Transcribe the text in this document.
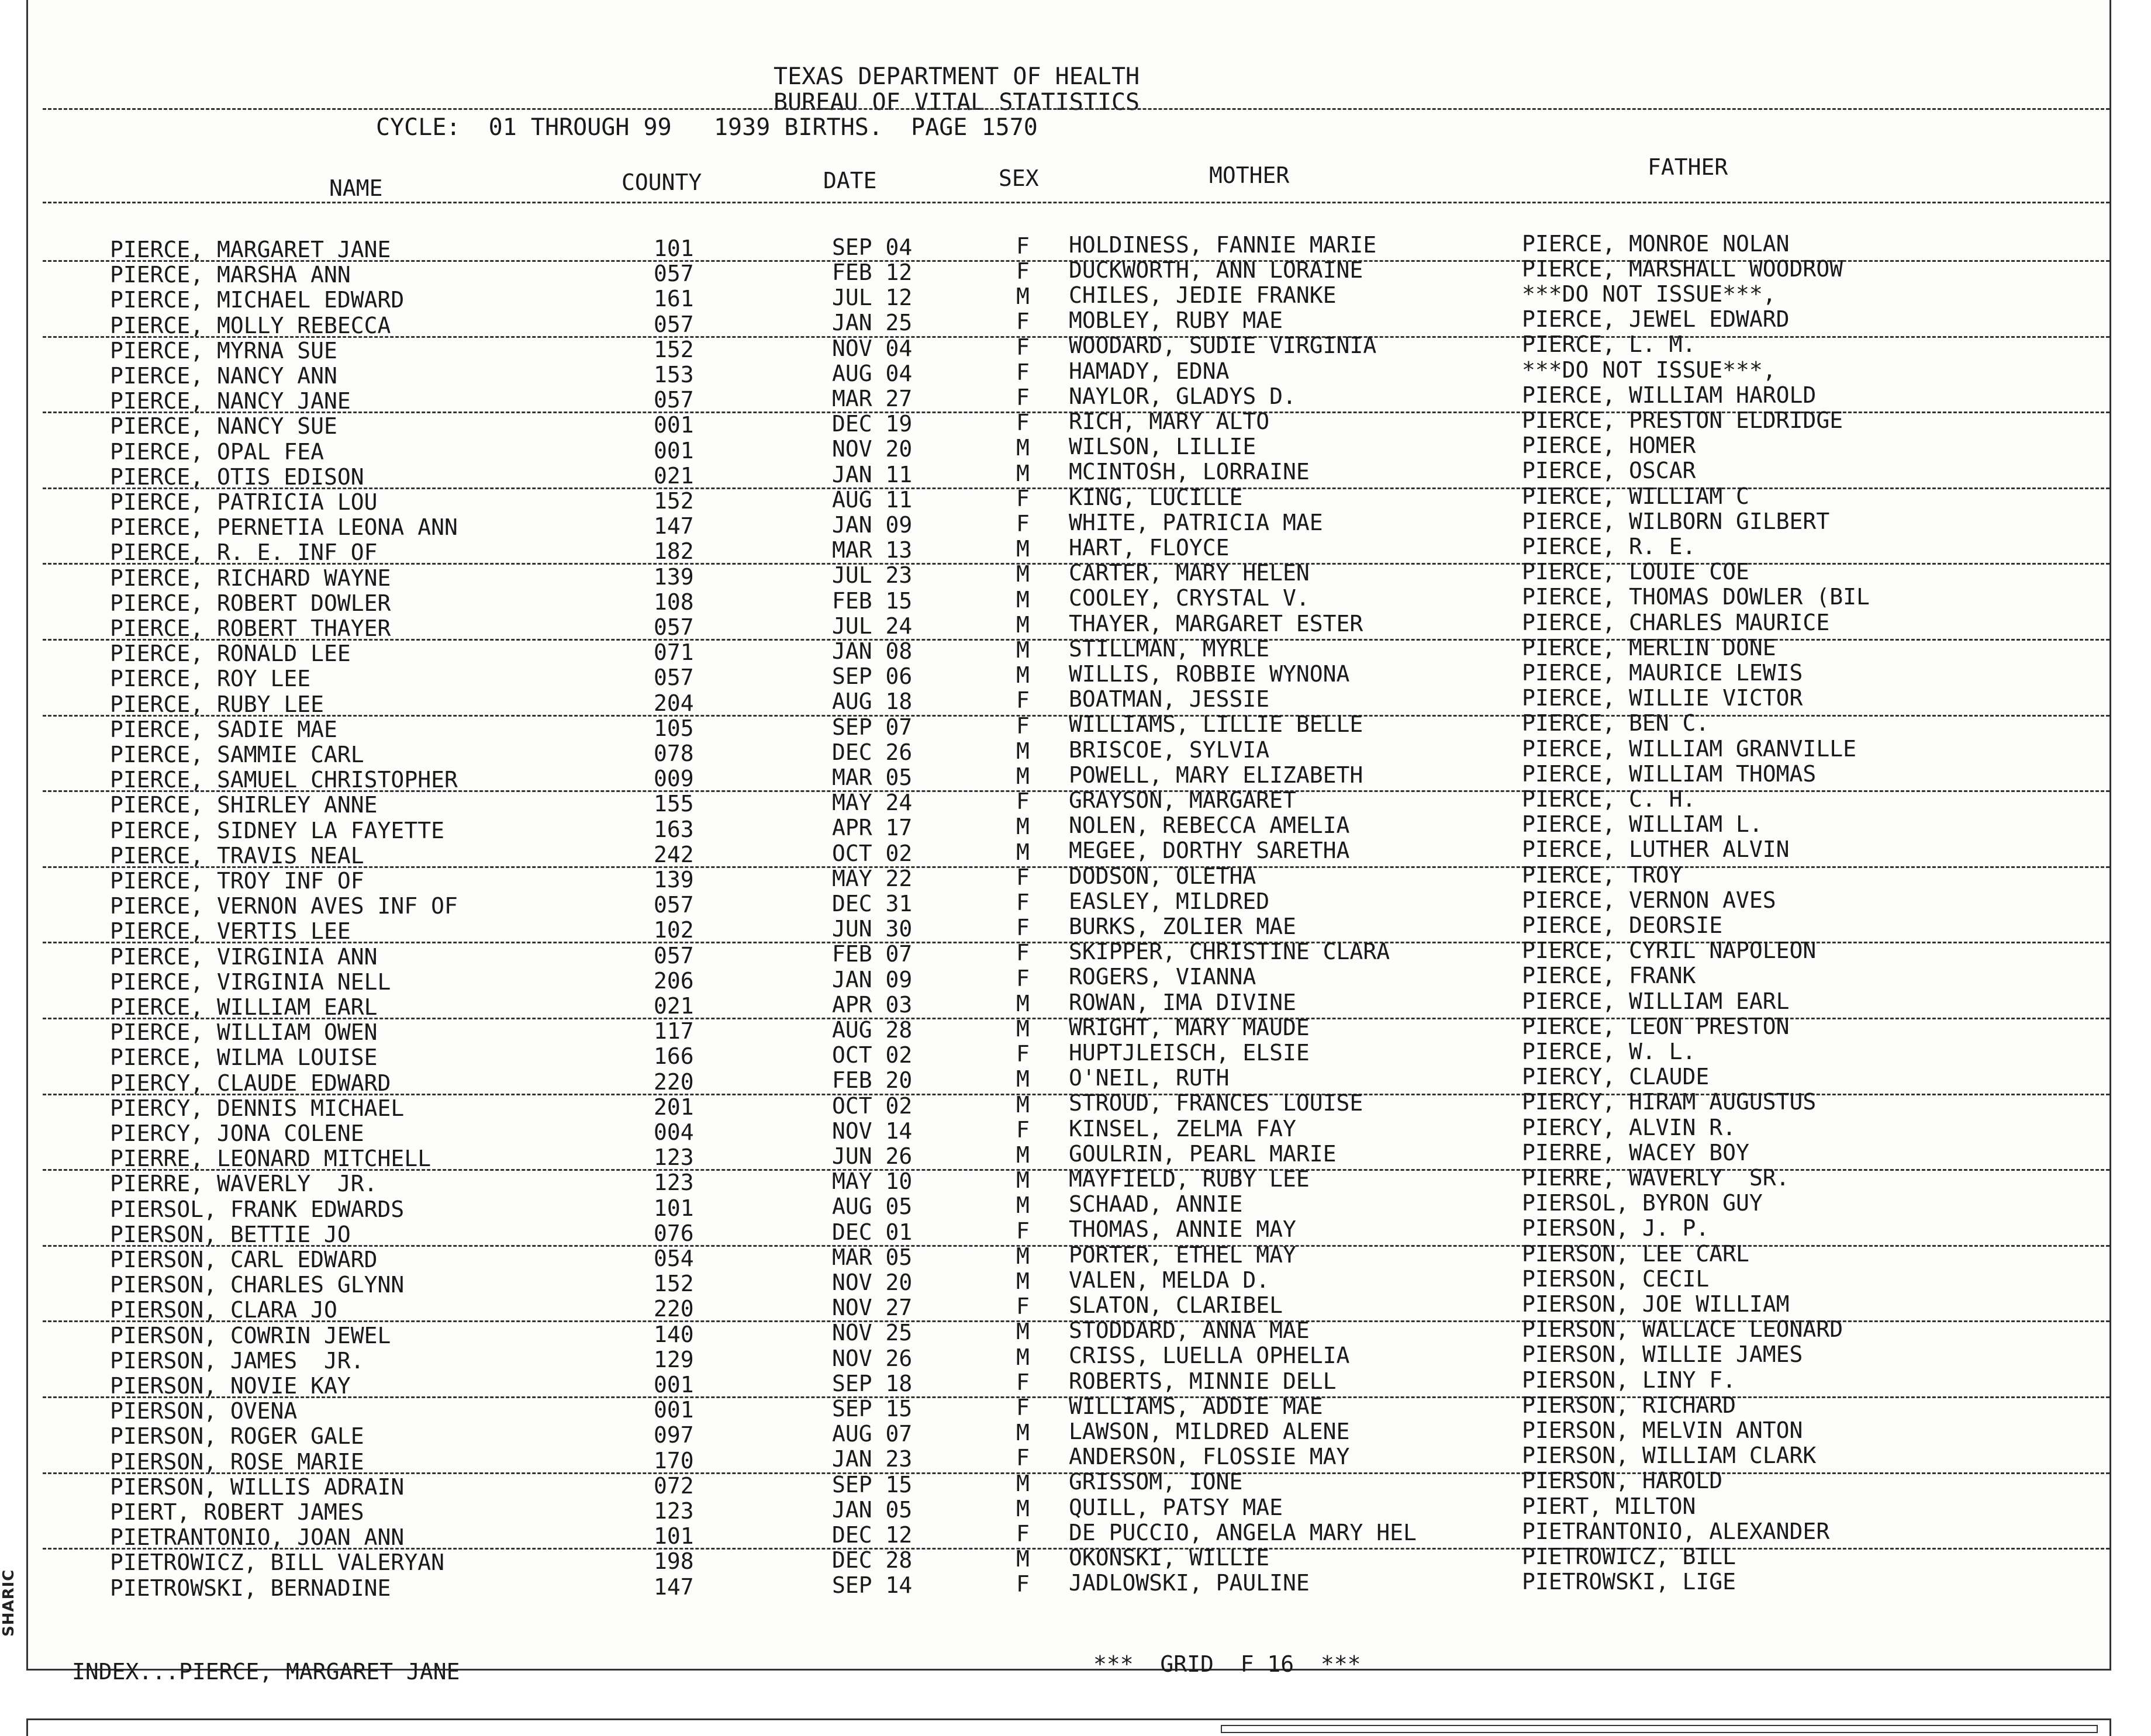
TEXAS DEPARTMENT OF HEALTH
BUREAU OF VITAL STATISTICS
CYCLE:  01 THROUGH 99   1939 BIRTHS.  PAGE 1570
NAME	COUNTY	DATE	SEX	MOTHER	FATHER
PIERCE, MARGARET JANE	101	SEP 04	F HOLDINESS, FANNIE MARIE	PIERCE, MONROE NOLAN
PIERCE, MARSHA ANN	057	FEB 12	F DUCKWORTH, ANN LORAINE	PIERCE, MARSHALL WOODROW
PIERCE, MICHAEL EDWARD	161	JUL 12	M CHILES, JEDIE FRANKE	***DO NOT ISSUE***,
PIERCE, MOLLY REBECCA	057	JAN 25	F MOBLEY, RUBY MAE	PIERCE, JEWEL EDWARD
PIERCE, MYRNA SUE	152	NOV 04	F WOODARD, SUDIE VIRGINIA	PIERCE, L. M.
PIERCE, NANCY ANN	153	AUG 04	F HAMADY, EDNA	***DO NOT ISSUE***,
PIERCE, NANCY JANE	057	MAR 27	F NAYLOR, GLADYS D.	PIERCE, WILLIAM HAROLD
PIERCE, NANCY SUE	001	DEC 19	F RICH, MARY ALTO	PIERCE, PRESTON ELDRIDGE
PIERCE, OPAL FEA	001	NOV 20	M WILSON, LILLIE	PIERCE, HOMER
PIERCE, OTIS EDISON	021	JAN 11	M MCINTOSH, LORRAINE	PIERCE, OSCAR
PIERCE, PATRICIA LOU	152	AUG 11	F KING, LUCILLE	PIERCE, WILLIAM C
PIERCE, PERNETIA LEONA ANN	147	JAN 09	F WHITE, PATRICIA MAE	PIERCE, WILBORN GILBERT
PIERCE, R. E. INF OF	182	MAR 13	M HART, FLOYCE	PIERCE, R. E.
PIERCE, RICHARD WAYNE	139	JUL 23	M CARTER, MARY HELEN	PIERCE, LOUIE COE
PIERCE, ROBERT DOWLER	108	FEB 15	M COOLEY, CRYSTAL V.	PIERCE, THOMAS DOWLER (BIL
PIERCE, ROBERT THAYER	057	JUL 24	M THAYER, MARGARET ESTER	PIERCE, CHARLES MAURICE
PIERCE, RONALD LEE	071	JAN 08	M STILLMAN, MYRLE	PIERCE, MERLIN DONE
PIERCE, ROY LEE	057	SEP 06	M WILLIS, ROBBIE WYNONA	PIERCE, MAURICE LEWIS
PIERCE, RUBY LEE	204	AUG 18	F BOATMAN, JESSIE	PIERCE, WILLIE VICTOR
PIERCE, SADIE MAE	105	SEP 07	F WILLIAMS, LILLIE BELLE	PIERCE, BEN C.
PIERCE, SAMMIE CARL	078	DEC 26	M BRISCOE, SYLVIA	PIERCE, WILLIAM GRANVILLE
PIERCE, SAMUEL CHRISTOPHER	009	MAR 05	M POWELL, MARY ELIZABETH	PIERCE, WILLIAM THOMAS
PIERCE, SHIRLEY ANNE	155	MAY 24	F GRAYSON, MARGARET	PIERCE, C. H.
PIERCE, SIDNEY LA FAYETTE	163	APR 17	M NOLEN, REBECCA AMELIA	PIERCE, WILLIAM L.
PIERCE, TRAVIS NEAL	242	OCT 02	M MEGEE, DORTHY SARETHA	PIERCE, LUTHER ALVIN
PIERCE, TROY INF OF	139	MAY 22	F DODSON, OLETHA	PIERCE, TROY
PIERCE, VERNON AVES INF OF	057	DEC 31	F EASLEY, MILDRED	PIERCE, VERNON AVES
PIERCE, VERTIS LEE	102	JUN 30	F BURKS, ZOLIER MAE	PIERCE, DEORSIE
PIERCE, VIRGINIA ANN	057	FEB 07	F SKIPPER, CHRISTINE CLARA	PIERCE, CYRIL NAPOLEON
PIERCE, VIRGINIA NELL	206	JAN 09	F ROGERS, VIANNA	PIERCE, FRANK
PIERCE, WILLIAM EARL	021	APR 03	M ROWAN, IMA DIVINE	PIERCE, WILLIAM EARL
PIERCE, WILLIAM OWEN	117	AUG 28	M WRIGHT, MARY MAUDE	PIERCE, LEON PRESTON
PIERCE, WILMA LOUISE	166	OCT 02	F HUPTJLEISCH, ELSIE	PIERCE, W. L.
PIERCY, CLAUDE EDWARD	220	FEB 20	M O'NEIL, RUTH	PIERCY, CLAUDE
PIERCY, DENNIS MICHAEL	201	OCT 02	M STROUD, FRANCES LOUISE	PIERCY, HIRAM AUGUSTUS
PIERCY, JONA COLENE	004	NOV 14	F KINSEL, ZELMA FAY	PIERCY, ALVIN R.
PIERRE, LEONARD MITCHELL	123	JUN 26	M GOULRIN, PEARL MARIE	PIERRE, WACEY BOY
PIERRE, WAVERLY  JR.	123	MAY 10	M MAYFIELD, RUBY LEE	PIERRE, WAVERLY  SR.
PIERSOL, FRANK EDWARDS	101	AUG 05	M SCHAAD, ANNIE	PIERSOL, BYRON GUY
PIERSON, BETTIE JO	076	DEC 01	F THOMAS, ANNIE MAY	PIERSON, J. P.
PIERSON, CARL EDWARD	054	MAR 05	M PORTER, ETHEL MAY	PIERSON, LEE CARL
PIERSON, CHARLES GLYNN	152	NOV 20	M VALEN, MELDA D.	PIERSON, CECIL
PIERSON, CLARA JO	220	NOV 27	F SLATON, CLARIBEL	PIERSON, JOE WILLIAM
PIERSON, COWRIN JEWEL	140	NOV 25	M STODDARD, ANNA MAE	PIERSON, WALLACE LEONARD
PIERSON, JAMES  JR.	129	NOV 26	M CRISS, LUELLA OPHELIA	PIERSON, WILLIE JAMES
PIERSON, NOVIE KAY	001	SEP 18	F ROBERTS, MINNIE DELL	PIERSON, LINY F.
PIERSON, OVENA	001	SEP 15	F WILLIAMS, ADDIE MAE	PIERSON, RICHARD
PIERSON, ROGER GALE	097	AUG 07	M LAWSON, MILDRED ALENE	PIERSON, MELVIN ANTON
PIERSON, ROSE MARIE	170	JAN 23	F ANDERSON, FLOSSIE MAY	PIERSON, WILLIAM CLARK
PIERSON, WILLIS ADRAIN	072	SEP 15	M GRISSOM, IONE	PIERSON, HAROLD
PIERT, ROBERT JAMES	123	JAN 05	M QUILL, PATSY MAE	PIERT, MILTON
PIETRANTONIO, JOAN ANN	101	DEC 12	F DE PUCCIO, ANGELA MARY HEL	PIETRANTONIO, ALEXANDER
PIETROWICZ, BILL VALERYAN	198	DEC 28	M OKONSKI, WILLIE	PIETROWICZ, BILL
PIETROWSKI, BERNADINE	147	SEP 14	F JADLOWSKI, PAULINE	PIETROWSKI, LIGE
INDEX...PIERCE, MARGARET JANE	***  GRID  F 16  ***
SHARIC
